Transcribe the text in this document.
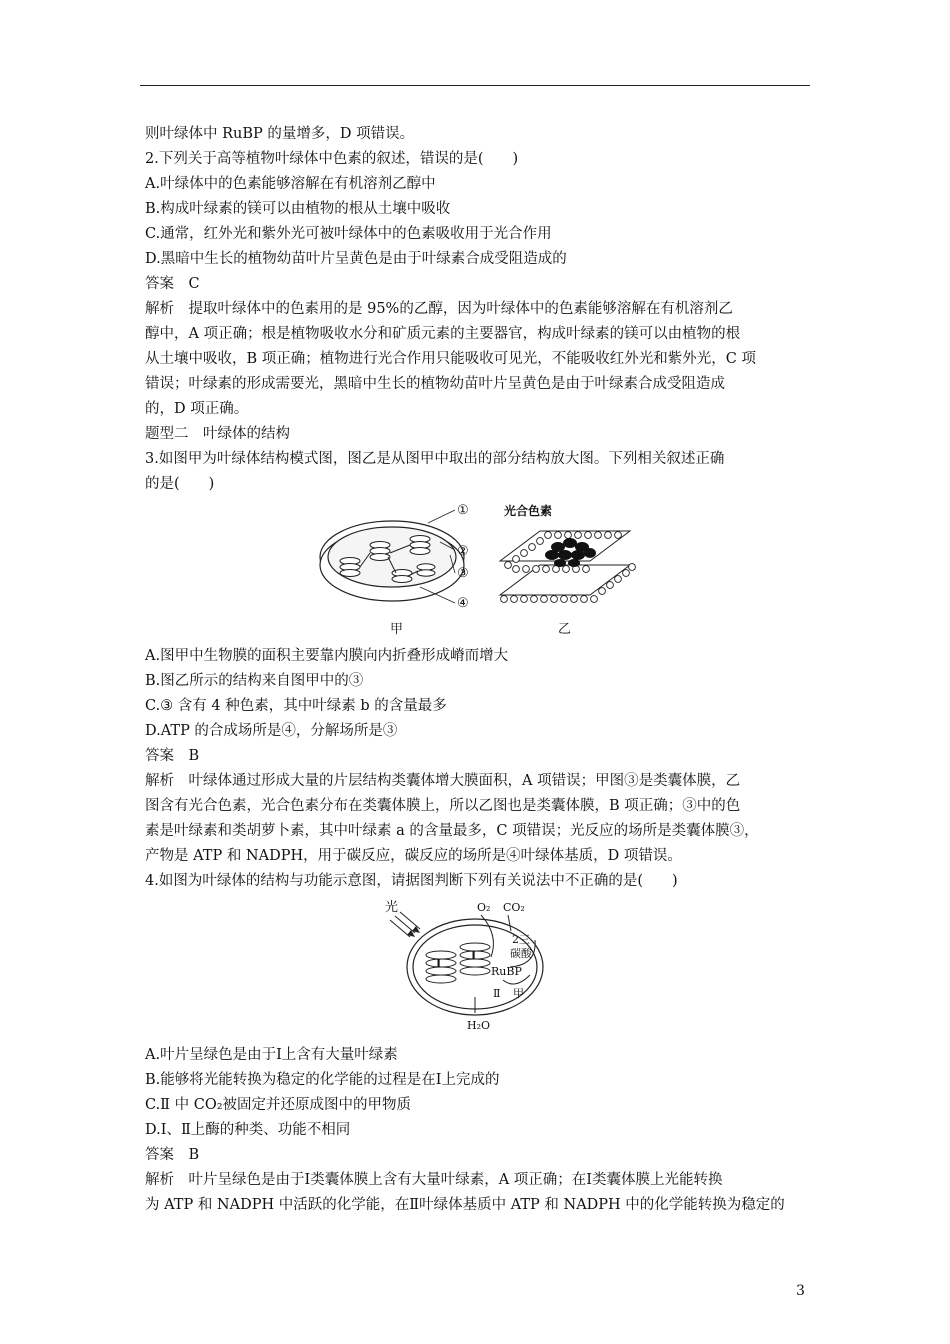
则叶绿体中 RuBP 的量增多，D 项错误。
2.下列关于高等植物叶绿体中色素的叙述，错误的是(　　)
A.叶绿体中的色素能够溶解在有机溶剂乙醇中
B.构成叶绿素的镁可以由植物的根从土壤中吸收
C.通常，红外光和紫外光可被叶绿体中的色素吸收用于光合作用
D.黑暗中生长的植物幼苗叶片呈黄色是由于叶绿素合成受阻造成的
答案　C
解析　提取叶绿体中的色素用的是 95%的乙醇，因为叶绿体中的色素能够溶解在有机溶剂乙
醇中，A 项正确；根是植物吸收水分和矿质元素的主要器官，构成叶绿素的镁可以由植物的根
从土壤中吸收，B 项正确；植物进行光合作用只能吸收可见光，不能吸收红外光和紫外光，C 项
错误；叶绿素的形成需要光，黑暗中生长的植物幼苗叶片呈黄色是由于叶绿素合成受阻造成
的，D 项正确。
题型二　叶绿体的结构
3.如图甲为叶绿体结构模式图，图乙是从图甲中取出的部分结构放大图。下列相关叙述正确
的是(　　)
①
②
③
④
甲
光合色素
乙
A.图甲中生物膜的面积主要靠内膜向内折叠形成嵴而增大
B.图乙所示的结构来自图甲中的③
C.③ 含有 4 种色素，其中叶绿素 b 的含量最多
D.ATP 的合成场所是④，分解场所是③
答案　B
解析　叶绿体通过形成大量的片层结构类囊体增大膜面积，A 项错误；甲图③是类囊体膜，乙
图含有光合色素，光合色素分布在类囊体膜上，所以乙图也是类囊体膜，B 项正确；③中的色
素是叶绿素和类胡萝卜素，其中叶绿素 a 的含量最多，C 项错误；光反应的场所是类囊体膜③，
产物是 ATP 和 NADPH，用于碳反应，碳反应的场所是④叶绿体基质，D 项错误。
4.如图为叶绿体的结构与功能示意图，请据图判断下列有关说法中不正确的是(　　)
光	O₂ CO₂
2三
碳酸
RuBP
Ⅰ
Ⅰ
Ⅱ 甲
H₂O
A.叶片呈绿色是由于Ⅰ上含有大量叶绿素
B.能够将光能转换为稳定的化学能的过程是在Ⅰ上完成的
C.Ⅱ 中 CO₂被固定并还原成图中的甲物质
D.Ⅰ、Ⅱ上酶的种类、功能不相同
答案　B
解析　叶片呈绿色是由于Ⅰ类囊体膜上含有大量叶绿素，A 项正确；在Ⅰ类囊体膜上光能转换
为 ATP 和 NADPH 中活跃的化学能，在Ⅱ叶绿体基质中 ATP 和 NADPH 中的化学能转换为稳定的
3
